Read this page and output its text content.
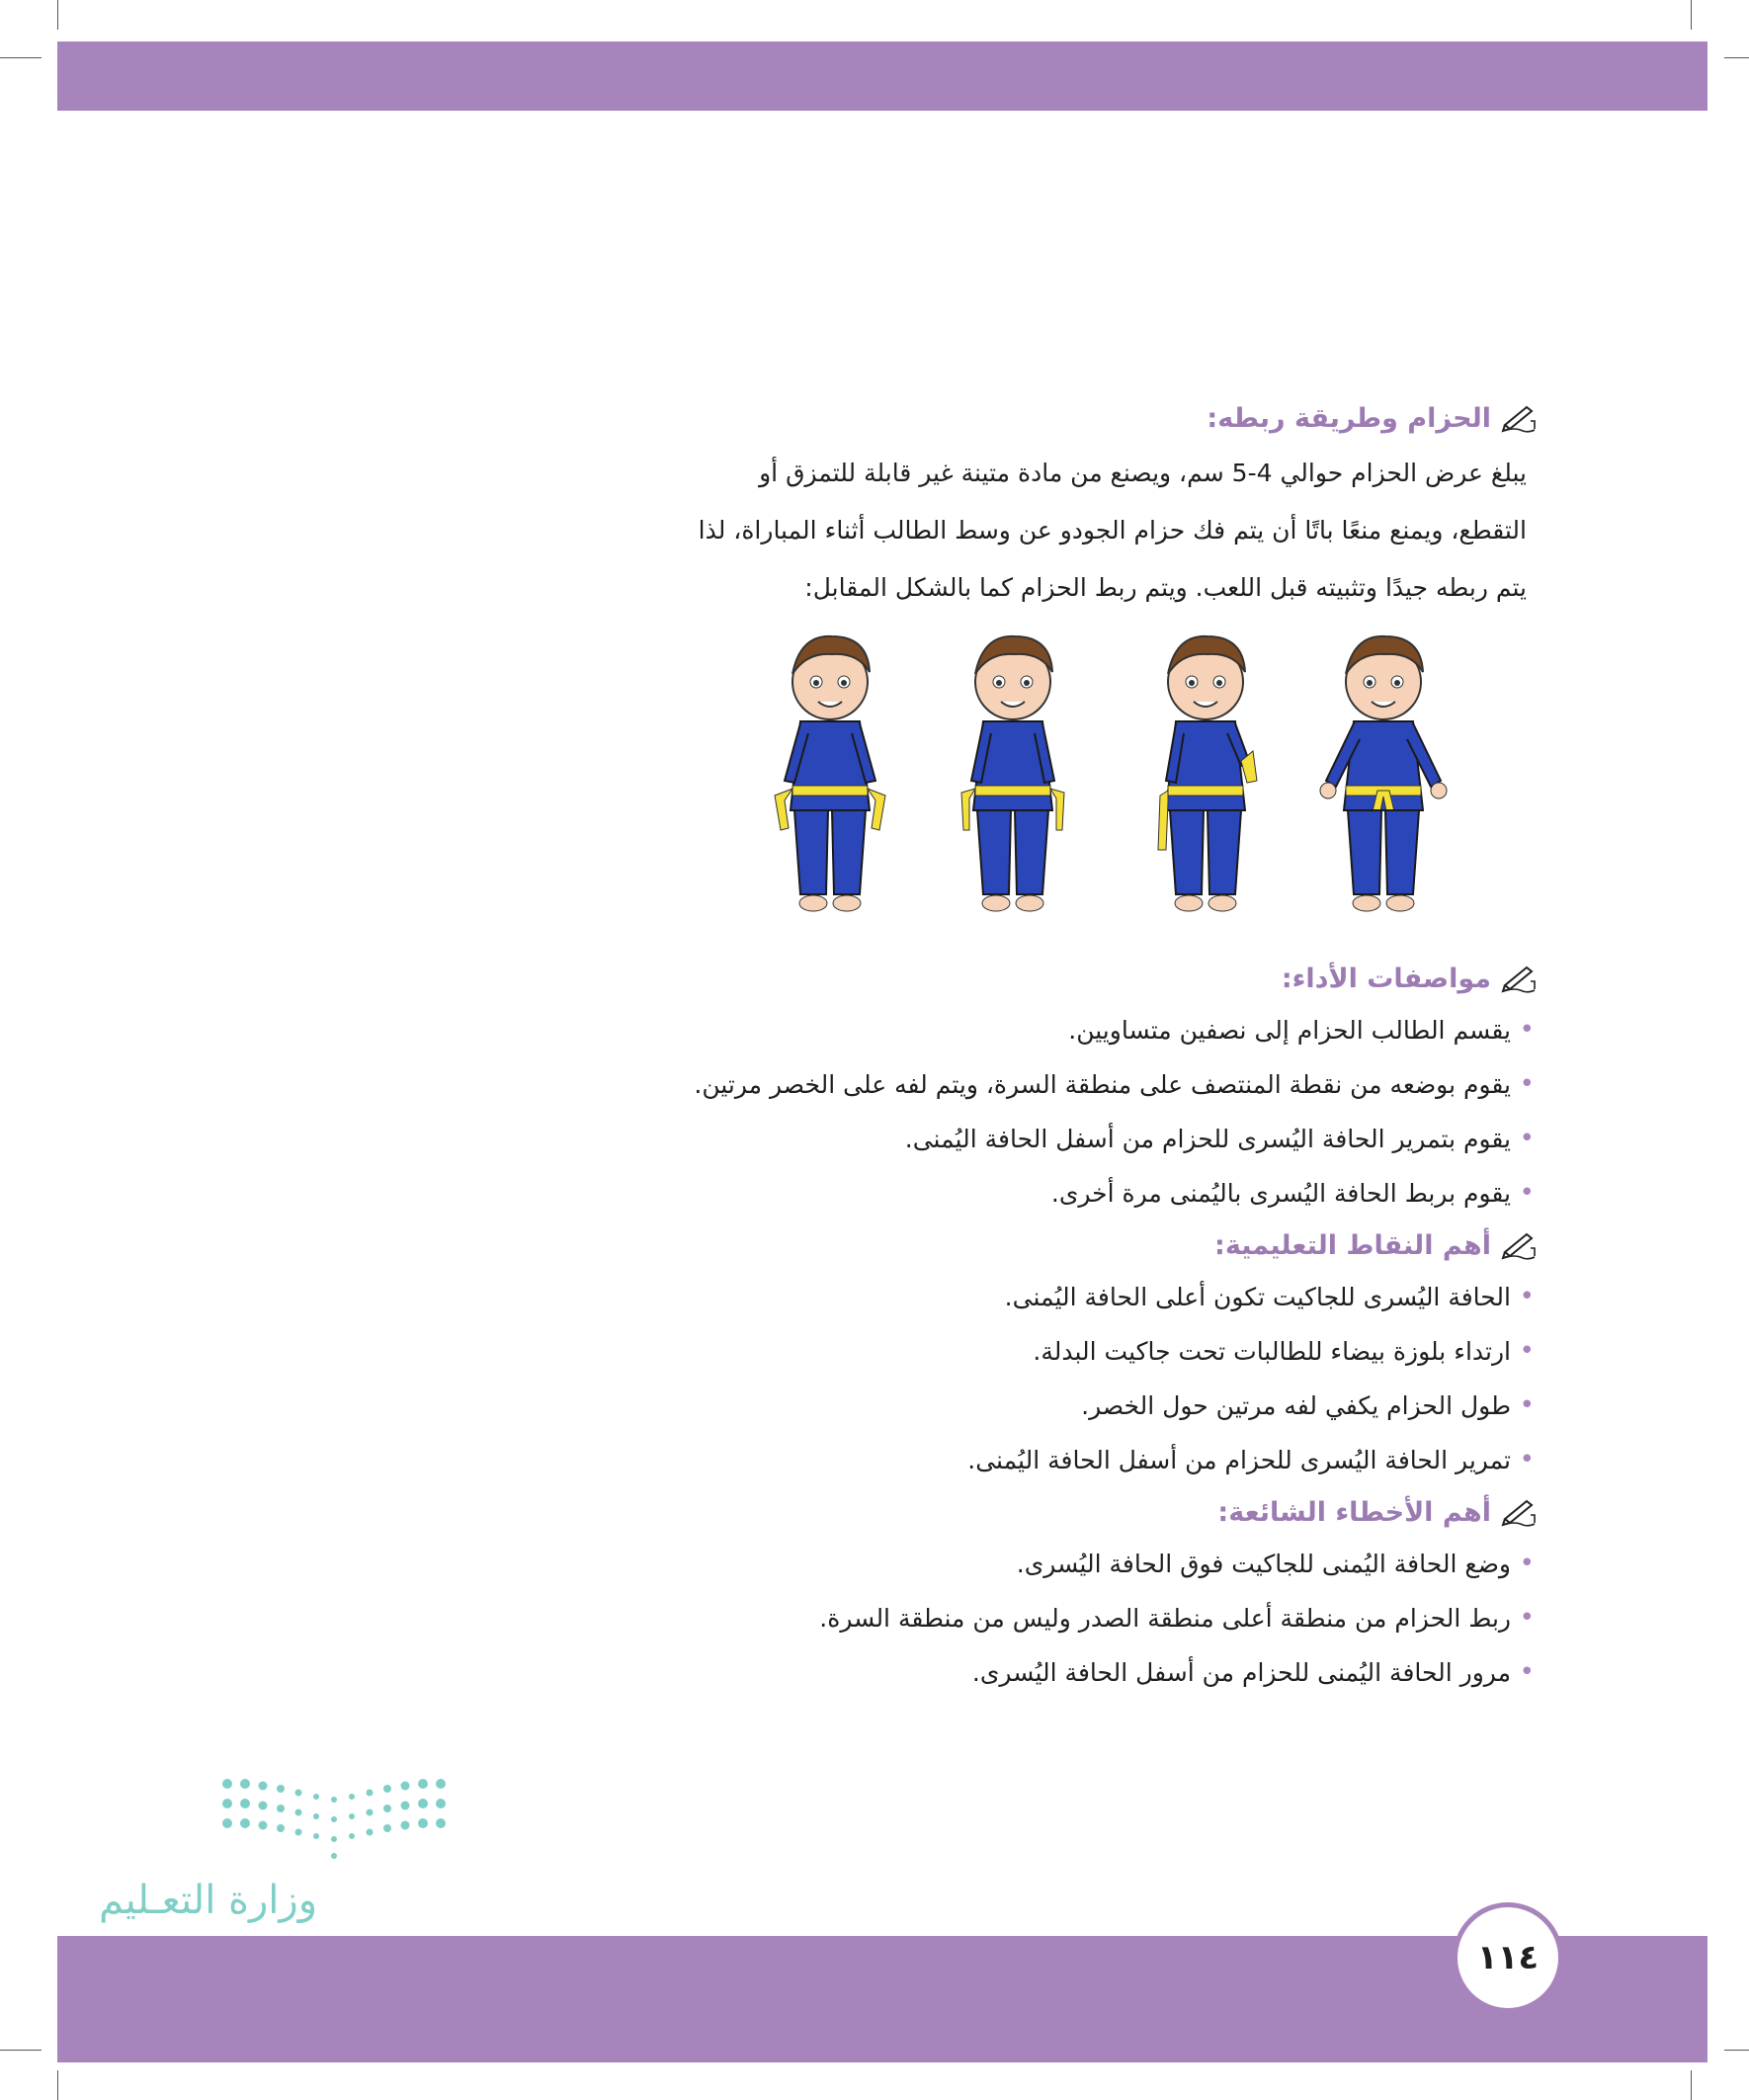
الحزام وطريقة ربطه:

يبلغ عرض الحزام حوالي 4-5 سم، ويصنع من مادة متينة غير قابلة للتمزق أو
التقطع، ويمنع منعًا باتًا أن يتم فك حزام الجودو عن وسط الطالب أثناء المباراة، لذا
يتم ربطه جيدًا وتثبيته قبل اللعب. ويتم ربط الحزام كما بالشكل المقابل:

مواصفات الأداء:
• يقسم الطالب الحزام إلى نصفين متساويين.
• يقوم بوضعه من نقطة المنتصف على منطقة السرة، ويتم لفه على الخصر مرتين.
• يقوم بتمرير الحافة اليُسرى للحزام من أسفل الحافة اليُمنى.
• يقوم بربط الحافة اليُسرى باليُمنى مرة أخرى.
أهم النقاط التعليمية:
• الحافة اليُسرى للجاكيت تكون أعلى الحافة اليُمنى.
• ارتداء بلوزة بيضاء للطالبات تحت جاكيت البدلة.
• طول الحزام يكفي لفه مرتين حول الخصر.
• تمرير الحافة اليُسرى للحزام من أسفل الحافة اليُمنى.
أهم الأخطاء الشائعة:
• وضع الحافة اليُمنى للجاكيت فوق الحافة اليُسرى.
• ربط الحزام من منطقة أعلى منطقة الصدر وليس من منطقة السرة.
• مرور الحافة اليُمنى للحزام من أسفل الحافة اليُسرى.
وزارة التعـليم
١١٤
